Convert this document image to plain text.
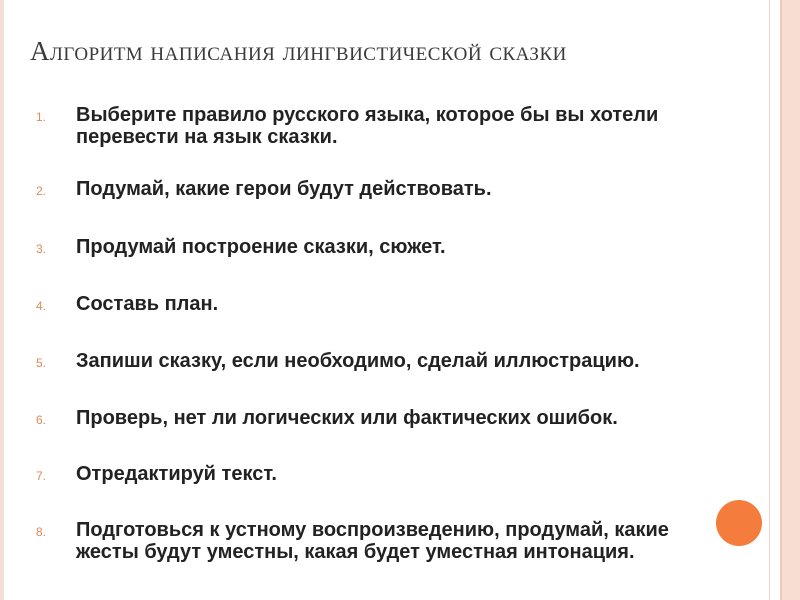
Алгоритм написания лингвистической сказки
1.	Выберите правило русского языка, которое бы вы хотели перевести на язык сказки.
2.	Подумай, какие герои будут действовать.
3.	Продумай построение сказки, сюжет.
4.	Составь план.
5.	Запиши сказку, если необходимо, сделай иллюстрацию.
6.	Проверь, нет ли логических или фактических ошибок.
7.	Отредактируй текст.
8.	Подготовься к устному воспроизведению, продумай, какие жесты будут уместны, какая будет уместная интонация.
